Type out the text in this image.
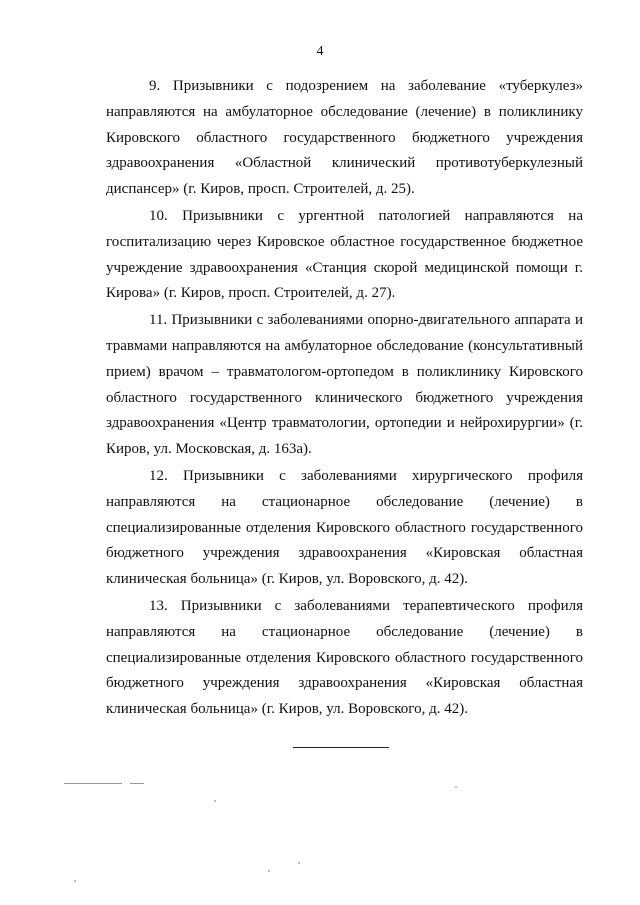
4

9. Призывники с подозрением на заболевание «туберкулез» направляются на амбулаторное обследование (лечение) в поликлинику Кировского областного государственного бюджетного учреждения здравоохранения «Областной клинический противотуберкулезный диспансер» (г. Киров, просп. Строителей, д. 25).

10. Призывники с ургентной патологией направляются на госпитализацию через Кировское областное государственное бюджетное учреждение здравоохранения «Станция скорой медицинской помощи г. Кирова» (г. Киров, просп. Строителей, д. 27).

11. Призывники с заболеваниями опорно-двигательного аппарата и травмами направляются на амбулаторное обследование (консультативный прием) врачом – травматологом-ортопедом в поликлинику Кировского областного государственного клинического бюджетного учреждения здравоохранения «Центр травматологии, ортопедии и нейрохирургии» (г. Киров, ул. Московская, д. 163а).

12. Призывники с заболеваниями хирургического профиля направляются на стационарное обследование (лечение) в специализированные отделения Кировского областного государственного бюджетного учреждения здравоохранения «Кировская областная клиническая больница» (г. Киров, ул. Воровского, д. 42).

13. Призывники с заболеваниями терапевтического профиля направляются на стационарное обследование (лечение) в специализированные отделения Кировского областного государственного бюджетного учреждения здравоохранения «Кировская областная клиническая больница» (г. Киров, ул. Воровского, д. 42).
